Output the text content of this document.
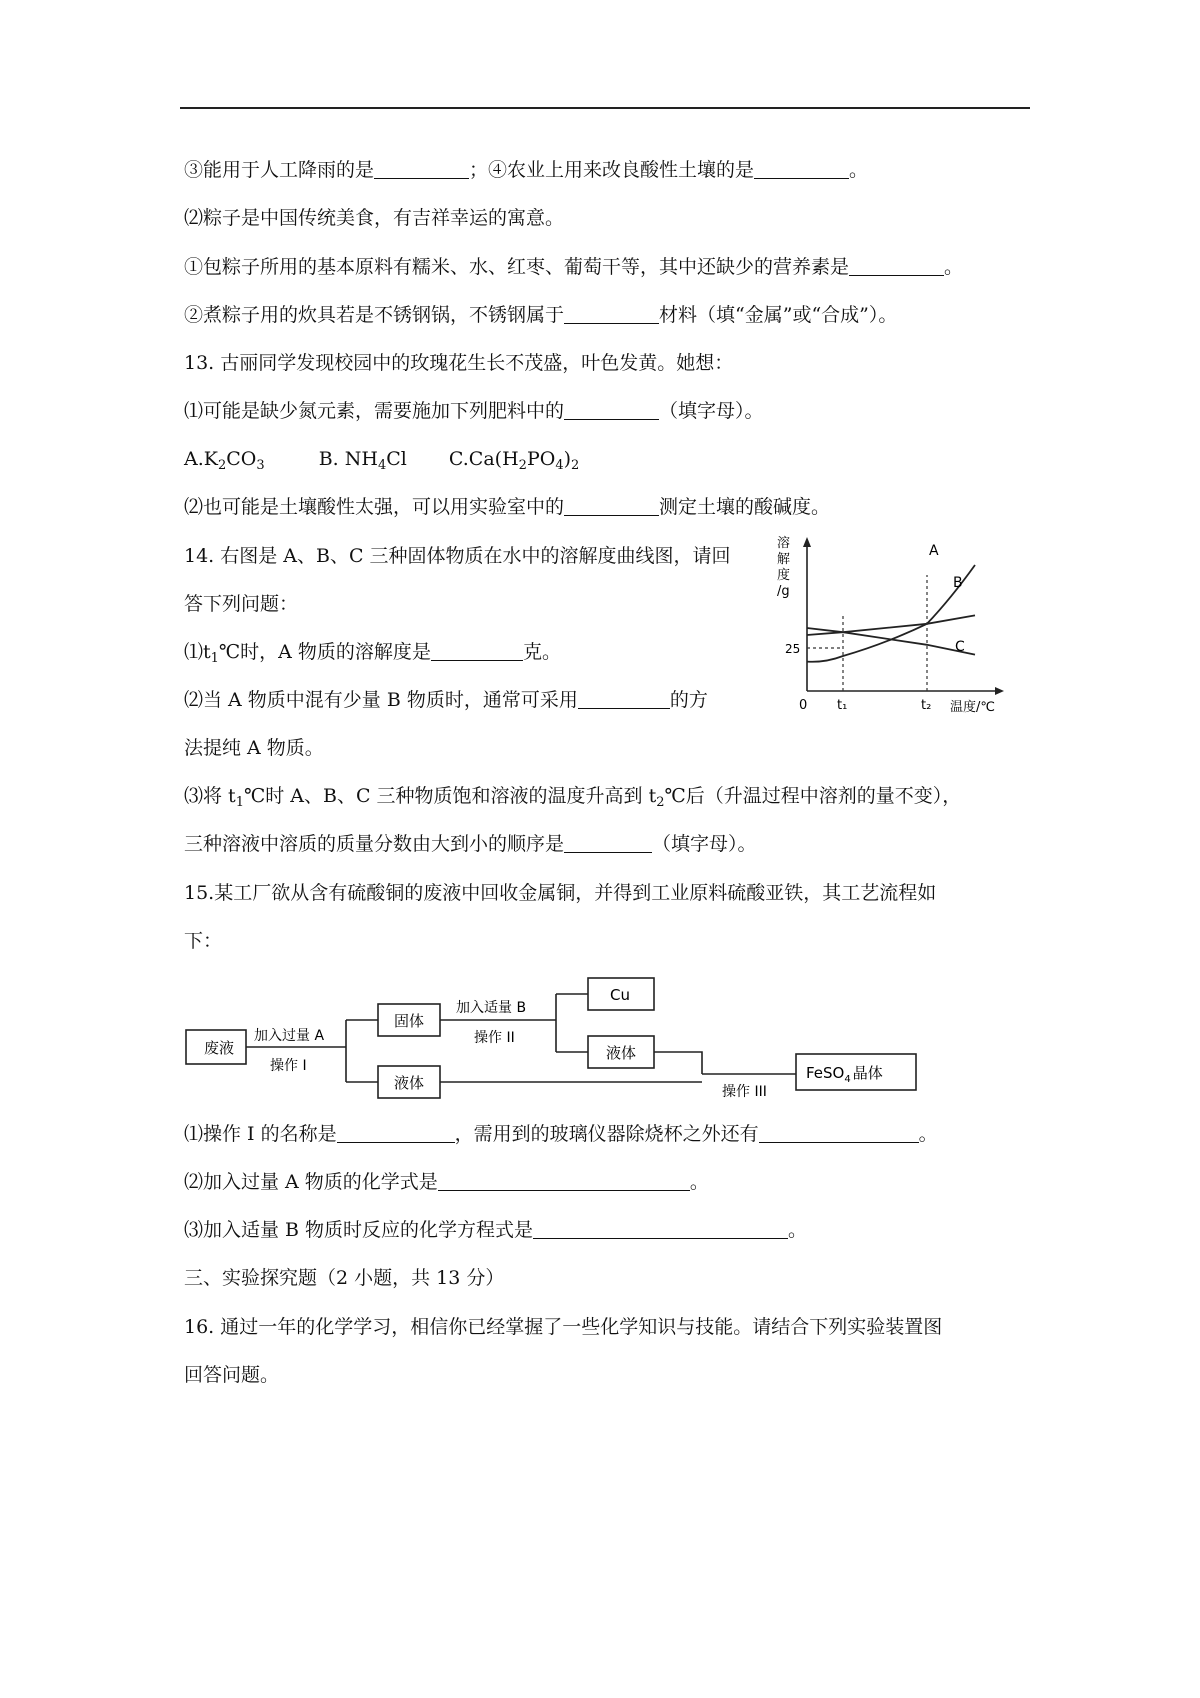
③能用于人工降雨的是	；④农业上用来改良酸性土壤的是	。
⑵粽子是中国传统美食，有吉祥幸运的寓意。
①包粽子所用的基本原料有糯米、水、红枣、葡萄干等，其中还缺少的营养素是	。
②煮粽子用的炊具若是不锈钢锅，不锈钢属于	材料（填“金属”或“合成”）。
13. 古丽同学发现校园中的玫瑰花生长不茂盛，叶色发黄。她想：
⑴可能是缺少氮元素，需要施加下列肥料中的	（填字母）。
$A.K_2CO_3$	B. $NH_4Cl$ $C.Ca(H_2PO_4)_2$
⑵也可能是土壤酸性太强，可以用实验室中的	测定土壤的酸碱度。
14. 右图是 A、B、C 三种固体物质在水中的溶解度曲线图，请回
答下列问题：
$⑴t_1℃$时，A 物质的溶解度是	克。
⑵当 A 物质中混有少量 B 物质时，通常可采用	的方
法提纯 A 物质。
⑶将 $t_1℃$时 A、B、C 三种物质饱和溶液的温度升高到 $t_2℃$后（升温过程中溶剂的量不变），
三种溶液中溶质的质量分数由大到小的顺序是	（填字母）。
溶
解
度
/g
0
25
t₁	t₂ 温度/℃
A
B
C
15.某工厂欲从含有硫酸铜的废液中回收金属铜，并得到工业原料硫酸亚铁，其工艺流程如
下：
废液
加入过量 A
操作 I
固体
液体
加入适量 B
操作 II
Cu
液体
操作 III
FeSO$_4$ 晶体
⑴操作 I 的名称是	，需用到的玻璃仪器除烧杯之外还有	。
⑵加入过量 A 物质的化学式是	。
⑶加入适量 B 物质时反应的化学方程式是	。
三、实验探究题（2 小题，共 13 分）
16. 通过一年的化学学习，相信你已经掌握了一些化学知识与技能。请结合下列实验装置图
回答问题。
